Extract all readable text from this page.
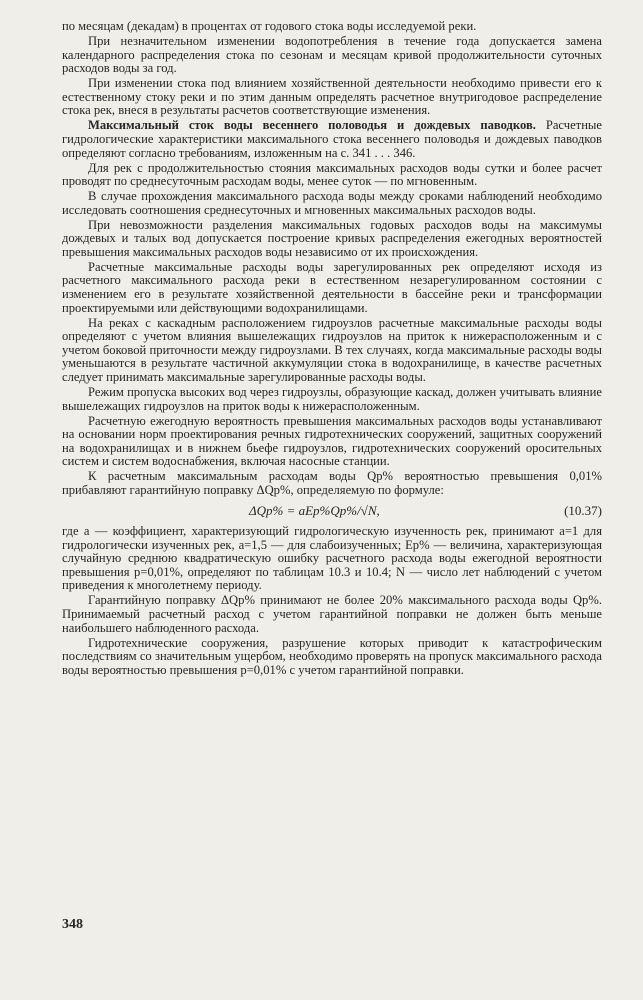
по месяцам (декадам) в процентах от годового стока воды исследуемой реки.

При незначительном изменении водопотребления в течение года допускается замена календарного распределения стока по сезонам и месяцам кривой продолжительности суточных расходов воды за год.

При изменении стока под влиянием хозяйственной деятельности необходимо привести его к естественному стоку реки и по этим данным определять расчетное внутригодовое распределение стока рек, внеся в результаты расчетов соответствующие изменения.

Максимальный сток воды весеннего половодья и дождевых паводков. Расчетные гидрологические характеристики максимального стока весеннего половодья и дождевых паводков определяют согласно требованиям, изложенным на с. 341 . . . 346.

Для рек с продолжительностью стояния максимальных расходов воды сутки и более расчет проводят по среднесуточным расходам воды, менее суток — по мгновенным.

В случае прохождения максимального расхода воды между сроками наблюдений необходимо исследовать соотношения среднесуточных и мгновенных максимальных расходов воды.

При невозможности разделения максимальных годовых расходов воды на максимумы дождевых и талых вод допускается построение кривых распределения ежегодных вероятностей превышения максимальных расходов воды независимо от их происхождения.

Расчетные максимальные расходы воды зарегулированных рек определяют исходя из расчетного максимального расхода реки в естественном незарегулированном состоянии с изменением его в результате хозяйственной деятельности в бассейне реки и трансформации проектируемыми или действующими водохранилищами.

На реках с каскадным расположением гидроузлов расчетные максимальные расходы воды определяют с учетом влияния вышележащих гидроузлов на приток к нижерасположенным и с учетом боковой приточности между гидроузлами. В тех случаях, когда максимальные расходы воды уменьшаются в результате частичной аккумуляции стока в водохранилище, в качестве расчетных следует принимать максимальные зарегулированные расходы воды.

Режим пропуска высоких вод через гидроузлы, образующие каскад, должен учитывать влияние вышележащих гидроузлов на приток воды к нижерасположенным.

Расчетную ежегодную вероятность превышения максимальных расходов воды устанавливают на основании норм проектирования речных гидротехнических сооружений, защитных сооружений на водохранилищах и в нижнем бьефе гидроузлов, гидротехнических сооружений оросительных систем и систем водоснабжения, включая насосные станции.

К расчетным максимальным расходам воды Qp% вероятностью превышения 0,01% прибавляют гарантийную поправку ΔQp%, определяемую по формуле:

ΔQp% = aEp%Qp%/√N,	(10.37)

где a — коэффициент, характеризующий гидрологическую изученность рек, принимают a=1 для гидрологически изученных рек, a=1,5 — для слабоизученных; Ep% — величина, характеризующая случайную среднюю квадратическую ошибку расчетного расхода воды ежегодной вероятности превышения p=0,01%, определяют по таблицам 10.3 и 10.4; N — число лет наблюдений с учетом приведения к многолетнему периоду.

Гарантийную поправку ΔQp% принимают не более 20% максимального расхода воды Qp%. Принимаемый расчетный расход с учетом гарантийной поправки не должен быть меньше наибольшего наблюденного расхода.

Гидротехнические сооружения, разрушение которых приводит к катастрофическим последствиям со значительным ущербом, необходимо проверять на пропуск максимального расхода воды вероятностью превышения p=0,01% с учетом гарантийной поправки.

348
